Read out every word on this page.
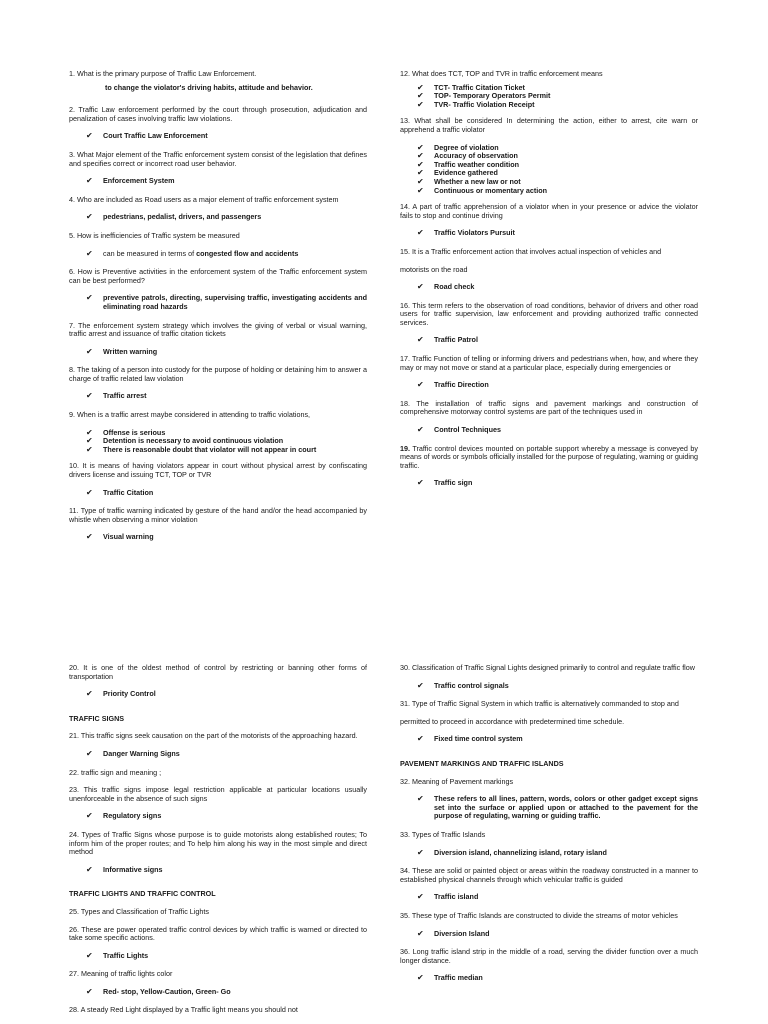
1. What is the primary purpose of Traffic Law Enforcement.
to change the violator's driving habits, attitude and behavior.
2. Traffic Law enforcement performed by the court through prosecution, adjudication and penalization of cases involving traffic law violations.
✔ Court Traffic Law Enforcement
3. What Major element of the Traffic enforcement system consist of the legislation that defines and specifies correct or incorrect road user behavior.
✔ Enforcement System
4. Who are included as Road users as a major element of traffic enforcement system
✔ pedestrians, pedalist, drivers, and passengers
5. How is inefficiencies of Traffic system be measured
✔ can be measured in terms of congested flow and accidents
6. How is Preventive activities in the enforcement system of the Traffic enforcement system can be best performed?
✔ preventive patrols, directing, supervising traffic, investigating accidents and eliminating road hazards
7. The enforcement system strategy which involves the giving of verbal or visual warning, traffic arrest and issuance of traffic citation tickets
✔ Written warning
8. The taking of a person into custody for the purpose of holding or detaining him to answer a charge of traffic related law violation
✔ Traffic arrest
9. When is a traffic arrest maybe considered in attending to traffic violations,
✔ Offense is serious
✔ Detention is necessary to avoid continuous violation
✔ There is reasonable doubt that violator will not appear in court
10. It is means of having violators appear in court without physical arrest by confiscating drivers license and issuing TCT, TOP or TVR
✔ Traffic Citation
11. Type of traffic warning indicated by gesture of the hand and/or the head accompanied by whistle when observing a minor violation
✔ Visual warning
12. What does TCT, TOP and TVR in traffic enforcement means
✔ TCT- Traffic Citation Ticket
✔ TOP- Temporary Operators Permit
✔ TVR- Traffic Violation Receipt
13. What shall be considered In determining the action, either to arrest, cite warn or apprehend a traffic violator
✔ Degree of violation
✔ Accuracy of observation
✔ Traffic weather condition
✔ Evidence gathered
✔ Whether a new law or not
✔ Continuous or momentary action
14. A part of traffic apprehension of a violator when in your presence or advice the violator fails to stop and continue driving
✔ Traffic Violators Pursuit
15. It is a Traffic enforcement action that involves actual inspection of vehicles and
motorists on the road
✔ Road check
16. This term refers to the observation of road conditions, behavior of drivers and other road users for traffic supervision, law enforcement and providing authorized traffic connected services.
✔ Traffic Patrol
17. Traffic Function of telling or informing drivers and pedestrians when, how, and where they may or may not move or stand at a particular place, especially during emergencies or
✔ Traffic Direction
18. The installation of traffic signs and pavement markings and construction of comprehensive motorway control systems are part of the techniques used in
✔ Control Techniques
19. Traffic control devices mounted on portable support whereby a message is conveyed by means of words or symbols officially installed for the purpose of regulating, warning or guiding traffic.
✔ Traffic sign
20. It is one of the oldest method of control by restricting or banning other forms of transportation
✔ Priority Control
TRAFFIC SIGNS
21. This traffic signs seek causation on the part of the motorists of the approaching hazard.
✔ Danger Warning Signs
22. traffic sign and meaning ;
23. This traffic signs impose legal restriction applicable at particular locations usually unenforceable in the absence of such signs
✔ Regulatory signs
24. Types of Traffic Signs whose purpose is to guide motorists along established routes; To inform him of the proper routes; and To help him along his way in the most simple and direct method
✔ Informative signs
TRAFFIC LIGHTS AND TRAFFIC CONTROL
25. Types and Classification of Traffic Lights
26. These are power operated traffic control devices by which traffic is warned or directed to take some specific actions.
✔ Traffic Lights
27. Meaning of traffic lights color
✔ Red- stop, Yellow-Caution, Green- Go
28. A steady Red Light displayed by a Traffic light means you should not
30. Classification of Traffic Signal Lights designed primarily to control and regulate traffic flow
✔ Traffic control signals
31. Type of Traffic Signal System in which traffic is alternatively commanded to stop and
permitted to proceed in accordance with predetermined time schedule.
✔ Fixed time control system
PAVEMENT MARKINGS AND TRAFFIC ISLANDS
32. Meaning of Pavement markings
✔ These refers to all lines, pattern, words, colors or other gadget except signs set into the surface or applied upon or attached to the pavement for the purpose of regulating, warning or guiding traffic.
33. Types of Traffic Islands
✔ Diversion island, channelizing island, rotary island
34. These are solid or painted object or areas within the roadway constructed in a manner to established physical channels through which vehicular traffic is guided
✔ Traffic island
35. These type of Traffic Islands are constructed to divide the streams of motor vehicles
✔ Diversion Island
36. Long traffic island strip in the middle of a road, serving the divider function over a much longer distance.
✔ Traffic median
